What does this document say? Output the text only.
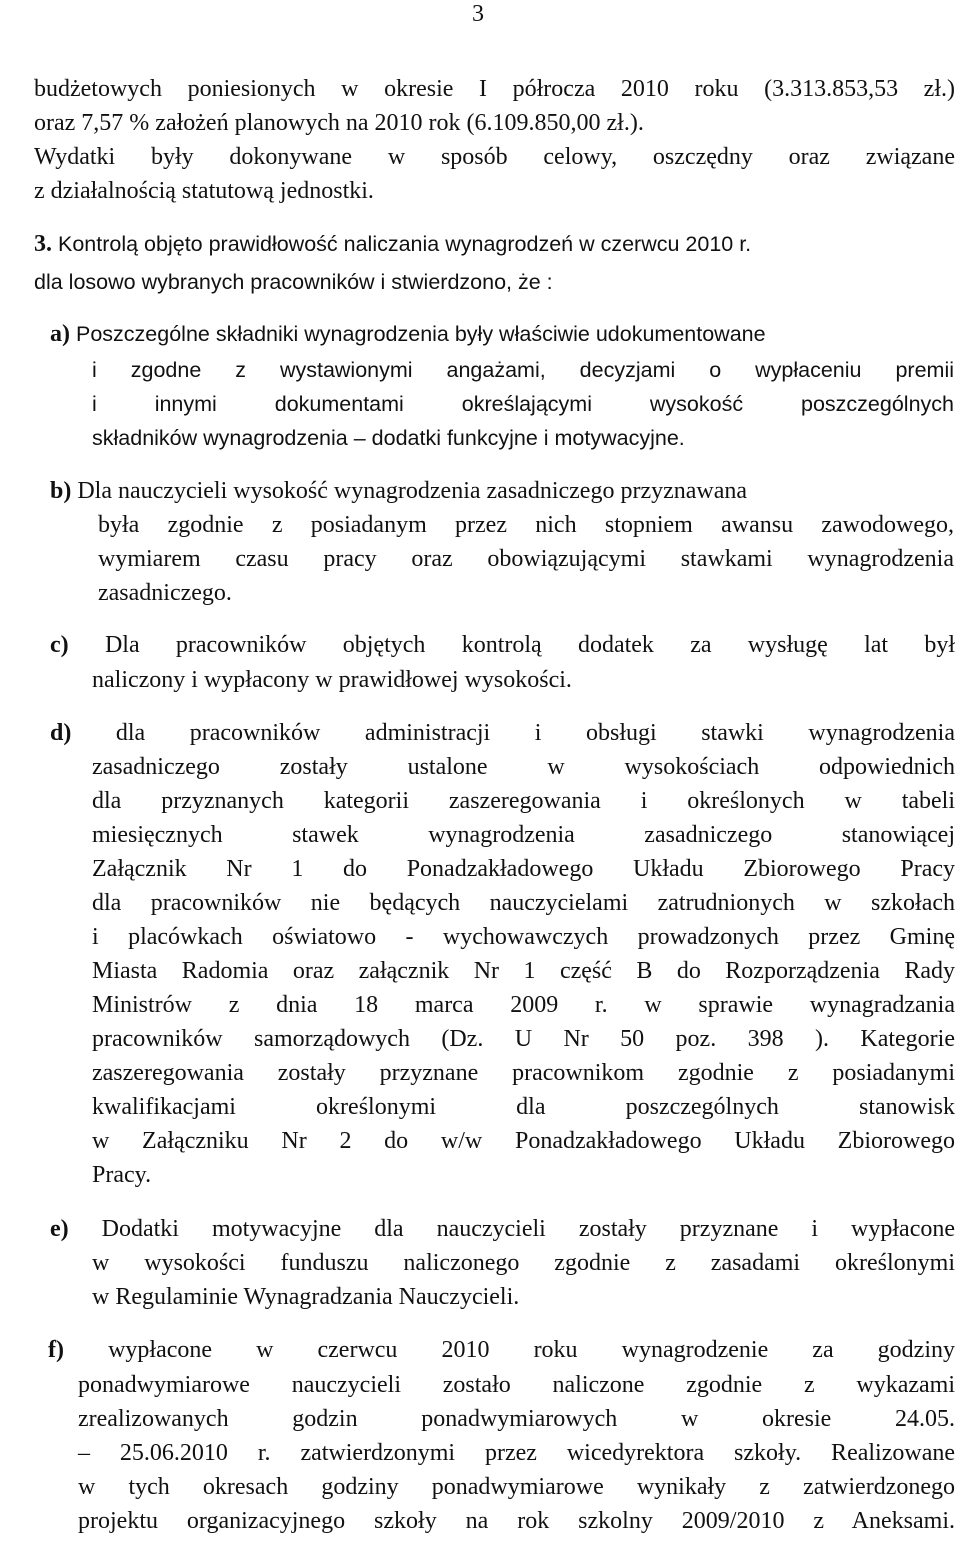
3
budżetowych poniesionych w okresie I półrocza 2010 roku (3.313.853,53 zł.)
oraz 7,57 % założeń planowych na 2010 rok (6.109.850,00 zł.).
Wydatki były dokonywane w sposób celowy, oszczędny oraz związane
z działalnością statutową jednostki.
3. Kontrolą objęto prawidłowość naliczania wynagrodzeń w czerwcu 2010 r.
dla losowo wybranych pracowników i stwierdzono, że :
a) Poszczególne składniki wynagrodzenia były właściwie udokumentowane
i zgodne z wystawionymi angażami, decyzjami o wypłaceniu premii
i innymi dokumentami określającymi wysokość poszczególnych
składników wynagrodzenia – dodatki funkcyjne i motywacyjne.
b) Dla nauczycieli wysokość wynagrodzenia zasadniczego przyznawana
była zgodnie z posiadanym przez nich stopniem awansu zawodowego,
wymiarem czasu pracy oraz obowiązującymi stawkami wynagrodzenia
zasadniczego.
c) Dla pracowników objętych kontrolą dodatek za wysługę lat był
naliczony i wypłacony w prawidłowej wysokości.
d) dla pracowników administracji i obsługi stawki wynagrodzenia
zasadniczego zostały ustalone w wysokościach odpowiednich
dla przyznanych kategorii zaszeregowania i określonych w tabeli
miesięcznych stawek wynagrodzenia zasadniczego stanowiącej
Załącznik Nr 1 do Ponadzakładowego Układu Zbiorowego Pracy
dla pracowników nie będących nauczycielami zatrudnionych w szkołach
i placówkach oświatowo - wychowawczych prowadzonych przez Gminę
Miasta Radomia oraz załącznik Nr 1 część B do Rozporządzenia Rady
Ministrów z dnia 18 marca 2009 r. w sprawie wynagradzania
pracowników samorządowych (Dz. U Nr 50 poz. 398 ). Kategorie
zaszeregowania zostały przyznane pracownikom zgodnie z posiadanymi
kwalifikacjami określonymi dla poszczególnych stanowisk
w Załączniku Nr 2 do w/w Ponadzakładowego Układu Zbiorowego
Pracy.
e) Dodatki motywacyjne dla nauczycieli zostały przyznane i wypłacone
w wysokości funduszu naliczonego zgodnie z zasadami określonymi
w Regulaminie Wynagradzania Nauczycieli.
f) wypłacone w czerwcu 2010 roku wynagrodzenie za godziny
ponadwymiarowe nauczycieli zostało naliczone zgodnie z wykazami
zrealizowanych godzin ponadwymiarowych w okresie 24.05.
– 25.06.2010 r. zatwierdzonymi przez wicedyrektora szkoły. Realizowane
w tych okresach godziny ponadwymiarowe wynikały z zatwierdzonego
projektu organizacyjnego szkoły na rok szkolny 2009/2010 z Aneksami.
